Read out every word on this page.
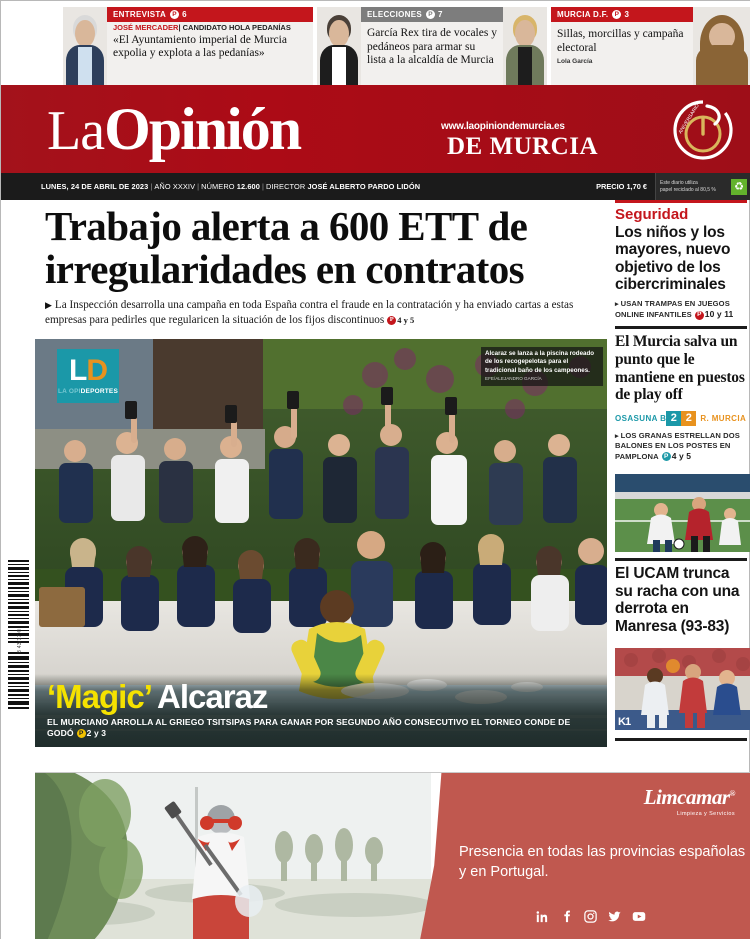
ENTREVISTA P 6
JOSÉ MERCADER| CANDIDATO HOLA PEDANÍAS
«El Ayuntamiento imperial de Murcia expolia y explota a las pedanías»
ELECCIONES P 7
García Rex tira de vocales y pedáneos para armar su lista a la alcaldía de Murcia
MURCIA D.F. P 3
Sillas, morcillas y campaña electoral
Lola García
LaOpinión	www.laopiniondemurcia.es
DE MURCIA
ANIVERSARIO
LUNES, 24 DE ABRIL DE 2023 | AÑO XXXIV | NÚMERO 12.600 | DIRECTOR JOSÉ ALBERTO PARDO LIDÓN	PRECIO 1,70 €	Este diario utiliza
papel reciclado al 80,5 %	♻
8 43/17 ®
Trabajo alerta a 600 ETT de irregularidades en contratos
▶ La Inspección desarrolla una campaña en toda España contra el fraude en la contratación y ha enviado cartas a estas empresas para pedirles que regularicen la situación de los fijos discontinuos P 4 y 5
LD
LA OPIDEPORTES
Alcaraz se lanza a la piscina rodeado de los recogepelotas para el tradicional baño de los campeones. EFE/ALEJANDRO GARCÍA
‘Magic’ Alcaraz
EL MURCIANO ARROLLA AL GRIEGO TSITSIPAS PARA GANAR POR SEGUNDO AÑO CONSECUTIVO EL TORNEO CONDE DE GODÓ P 2 y 3
Seguridad
Los niños y los mayores, nuevo objetivo de los cibercriminales
▸ USAN TRAMPAS EN JUEGOS ONLINE INFANTILES P 10 y 11
El Murcia salva un punto que le mantiene en puestos de play off
OSASUNA B 2 2	R. MURCIA
▸ LOS GRANAS ESTRELLAN DOS BALONES EN LOS POSTES EN PAMPLONA P 4 y 5
El UCAM trunca su racha con una derrota en Manresa (93-83)
K1
Limcamar®
Limpieza y Servicios
Presencia en todas las provincias españolas y en Portugal.
